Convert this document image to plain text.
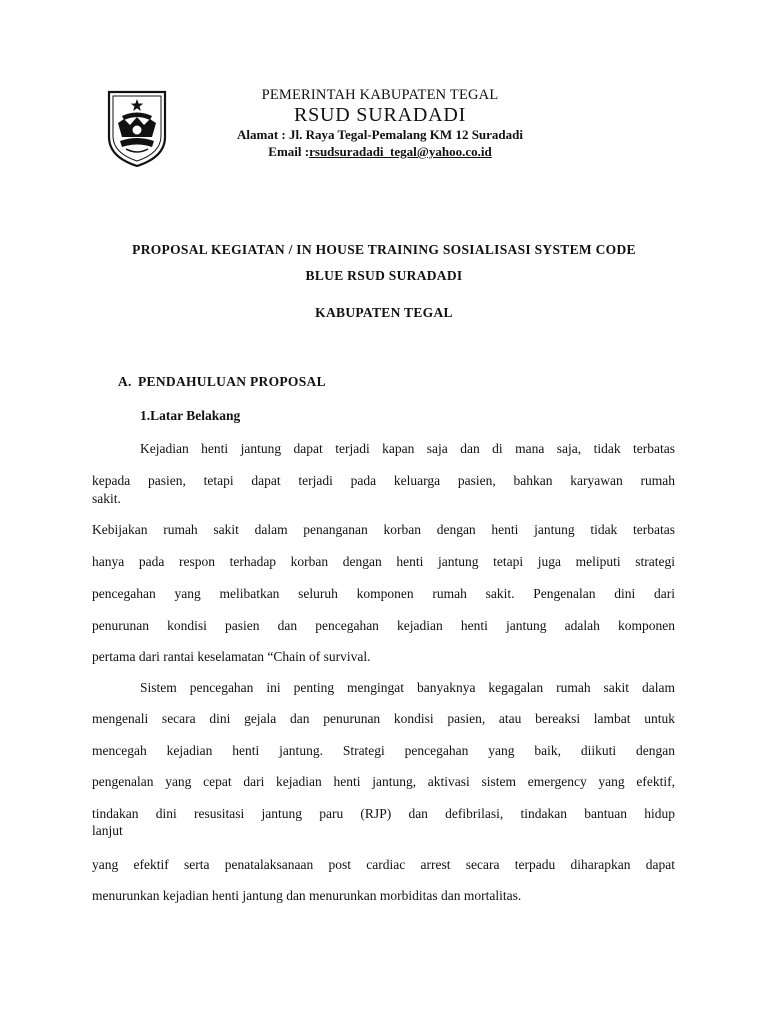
PEMERINTAH KABUPATEN TEGAL
RSUD SURADADI
Alamat : Jl. Raya Tegal-Pemalang KM 12 Suradadi
Email :rsudsuradadi_tegal@yahoo.co.id
PROPOSAL KEGIATAN / IN HOUSE TRAINING SOSIALISASI SYSTEM CODE
BLUE RSUD SURADADI
KABUPATEN TEGAL
A. PENDAHULUAN PROPOSAL
1.Latar Belakang
Kejadian henti jantung dapat terjadi kapan saja dan di mana saja, tidak terbatas
kepada pasien, tetapi dapat terjadi pada keluarga pasien, bahkan karyawan rumah
sakit.
Kebijakan rumah sakit dalam penanganan korban dengan henti jantung tidak terbatas
hanya pada respon terhadap korban dengan henti jantung tetapi juga meliputi strategi
pencegahan yang melibatkan seluruh komponen rumah sakit. Pengenalan dini dari
penurunan kondisi pasien dan pencegahan kejadian henti jantung adalah komponen
pertama dari rantai keselamatan “Chain of survival.
Sistem pencegahan ini penting mengingat banyaknya kegagalan rumah sakit dalam
mengenali secara dini gejala dan penurunan kondisi pasien, atau bereaksi lambat untuk
mencegah kejadian henti jantung. Strategi pencegahan yang baik, diikuti dengan
pengenalan yang cepat dari kejadian henti jantung, aktivasi sistem emergency yang efektif,
tindakan dini resusitasi jantung paru (RJP) dan defibrilasi, tindakan bantuan hidup
lanjut
yang efektif serta penatalaksanaan post cardiac arrest secara terpadu diharapkan dapat
menurunkan kejadian henti jantung dan menurunkan morbiditas dan mortalitas.
